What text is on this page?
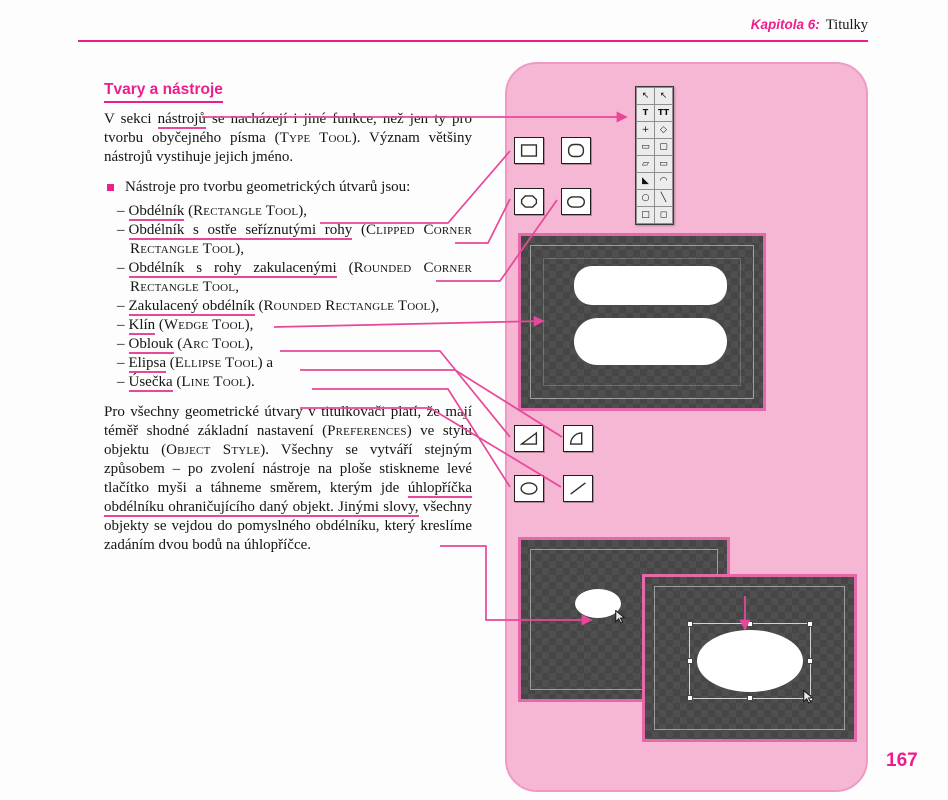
Kapitola 6: Titulky
Tvary a nástroje

V sekci nástrojů se nacházejí i jiné funkce, než jen ty pro tvorbu obyčejného písma (Type Tool). Význam většiny nástrojů vystihuje jejich jméno.

Nástroje pro tvorbu geometrických útvarů jsou:
– Obdélník (Rectangle Tool),
– Obdélník s ostře seříznutými rohy (Clipped Corner Rectangle Tool),
– Obdélník s rohy zakulacenými (Rounded Corner Rectangle Tool,
– Zakulacený obdélník (Rounded Rectangle Tool),
– Klín (Wedge Tool),
– Oblouk (Arc Tool),
– Elipsa (Ellipse Tool) a
– Úsečka (Line Tool).

Pro všechny geometrické útvary v titulkovači platí, že mají téměř shodné základní nastavení (Preferences) ve stylu objektu (Object Style). Všechny se vytváří stejným způsobem – po zvolení nástroje na ploše stiskneme levé tlačítko myši a táhneme směrem, kterým jde úhlopříčka obdélníku ohraničujícího daný objekt. Jinými slovy, všechny objekty se vejdou do pomyslného obdélníku, který kreslíme zadáním dvou bodů na úhlopříčce.

↖	↖
T	TT
+	◇
▭	▢
▱	▭
◣	◠
○	╲
□	◻
167
